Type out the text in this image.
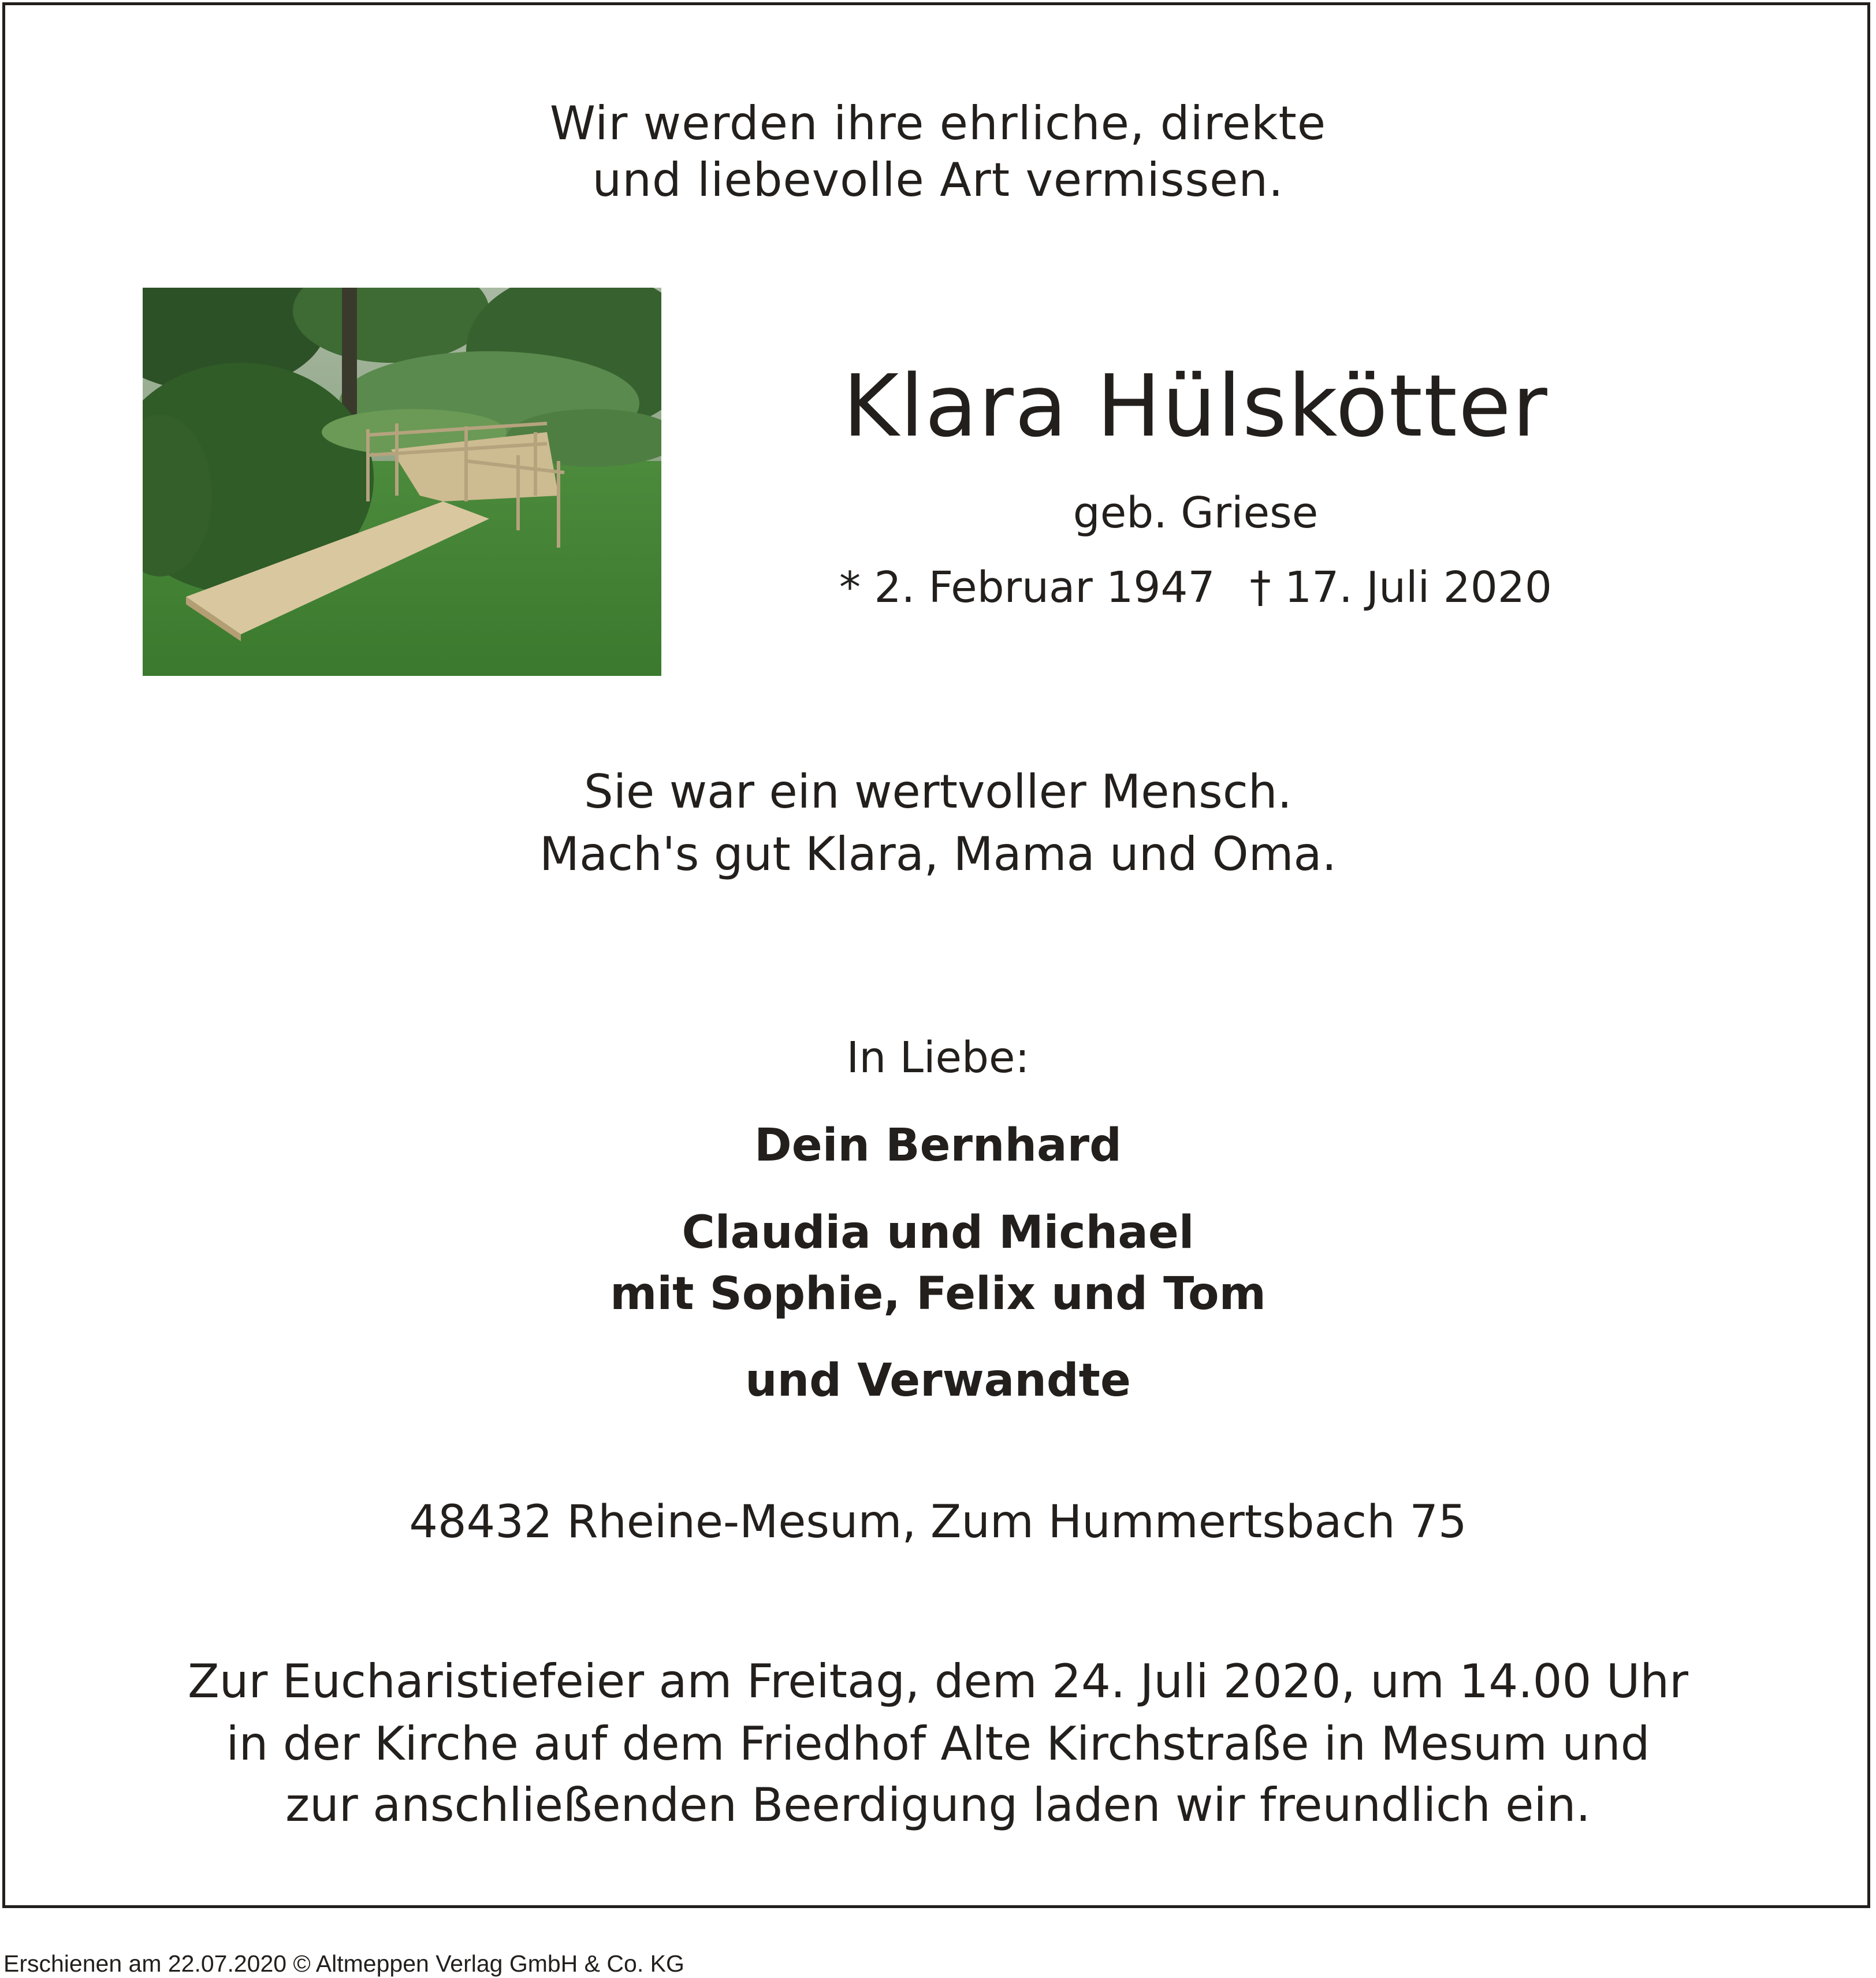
Wir werden ihre ehrliche, direkte
und liebevolle Art vermissen.
Klara Hülskötter
geb. Griese
* 2. Februar 1947 † 17. Juli 2020
Sie war ein wertvoller Mensch.
Mach's gut Klara, Mama und Oma.
In Liebe:
Dein Bernhard
Claudia und Michael
mit Sophie, Felix und Tom
und Verwandte
48432 Rheine-Mesum, Zum Hummertsbach 75
Zur Eucharistiefeier am Freitag, dem 24. Juli 2020, um 14.00 Uhr
in der Kirche auf dem Friedhof Alte Kirchstraße in Mesum und
zur anschließenden Beerdigung laden wir freundlich ein.
Erschienen am 22.07.2020 © Altmeppen Verlag GmbH & Co. KG
